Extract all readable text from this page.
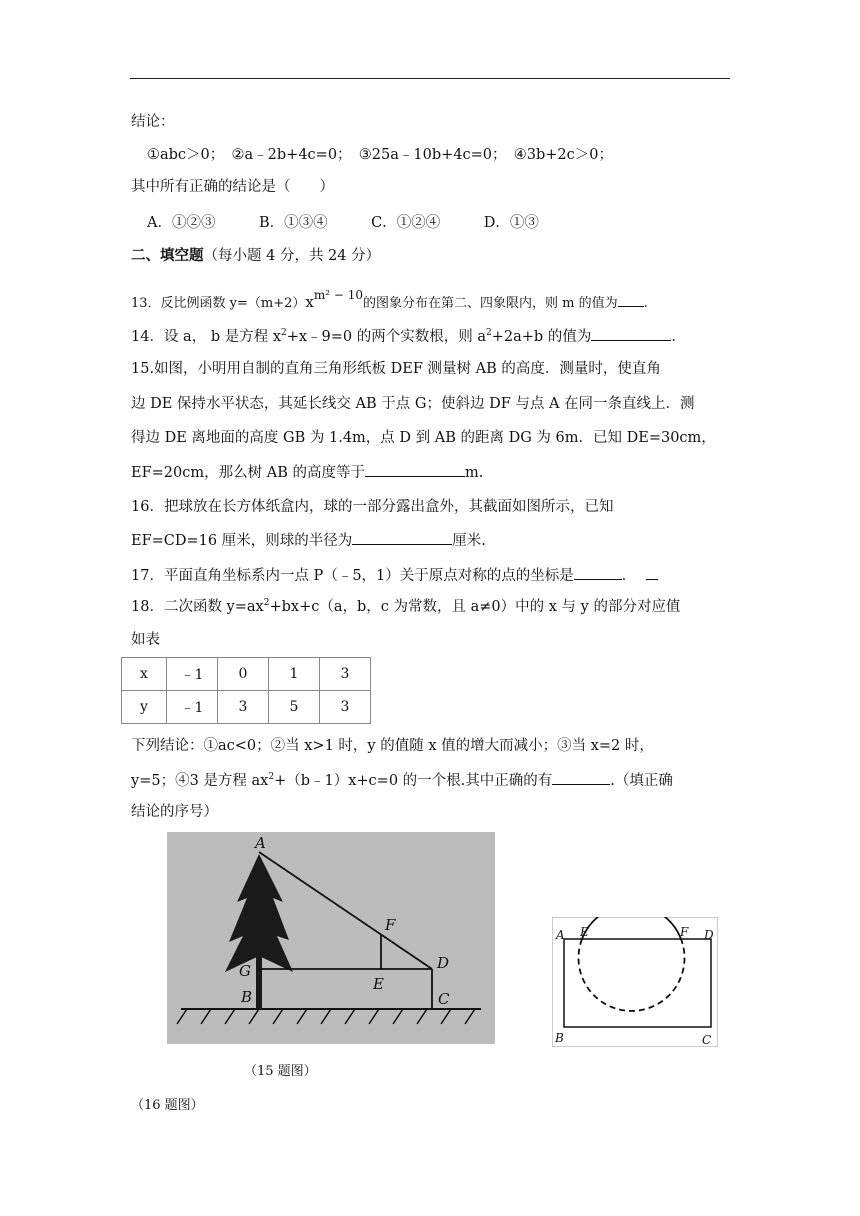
结论：
①abc＞0；　②a﹣2b+4c=0；　③25a﹣10b+4c=0；　④3b+2c＞0；
其中所有正确的结论是（　　）
A．①②③　　　B．①③④　　　C．①②④　　　D．①③
二、填空题（每小题 4 分，共 24 分）
13．反比例函数 y=（m+2）xm² − 10的图象分布在第二、四象限内，则 m 的值为 .
14．设 a， b 是方程 $x^2+x﹣9=0$ 的两个实数根，则 $a^2+2a+b$ 的值为	.
15.如图，小明用自制的直角三角形纸板 DEF 测量树 AB 的高度．测量时，使直角
边 DE 保持水平状态，其延长线交 AB 于点 G；使斜边 DF 与点 A 在同一条直线上．测
得边 DE 离地面的高度 GB 为 1.4m，点 D 到 AB 的距离 DG 为 6m．已知 DE=30cm，
EF=20cm，那么树 AB 的高度等于	m.
16．把球放在长方体纸盒内，球的一部分露出盒外，其截面如图所示，已知
EF=CD=16 厘米，则球的半径为	厘米.
17．平面直角坐标系内一点 P（﹣5，1）关于原点对称的点的坐标是	．
18．二次函数 $y=ax^2+bx+c(a$，b，c 为常数，且 a≠0）中的 x 与 y 的部分对应值
如表
x	﹣1	0	1	3
y	﹣1	3	5	3
下列结论：①ac<0；②当 x>1 时，y 的值随 x 值的增大而减小；③当 x=2 时，
y=5；④3 是方程 $ax^2+(b﹣1)x+c=0$ 的一个根.其中正确的有	.（填正确
结论的序号）
A
F
D
G
E
B	C
（15 题图）
A E	F D
B	C
（16 题图）
